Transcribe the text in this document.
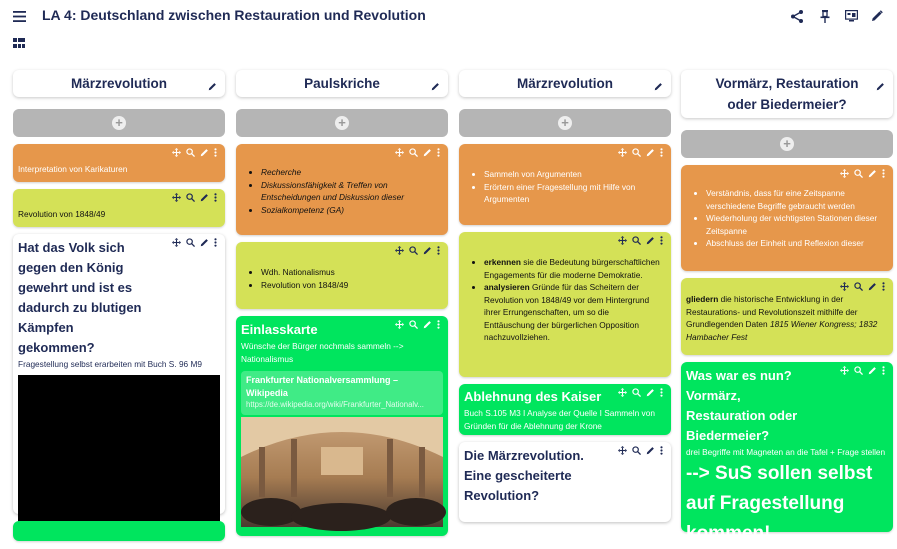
LA 4: Deutschland zwischen Restauration und Revolution
Märzrevolution
+
Interpretation von Karikaturen
Revolution von 1848/49
Hat das Volk sich gegen den König gewehrt und ist es dadurch zu blutigen Kämpfen gekommen?
Fragestellung selbst erarbeiten mit Buch S. 96 M9
Paulskriche
+
• Recherche
• Diskussionsfähigkeit & Treffen von Entscheidungen und Diskussion dieser
• Sozialkompetenz (GA)
• Wdh. Nationalismus
• Revolution von 1848/49
Einlasskarte
Wünsche der Bürger nochmals sammeln --> Nationalismus
Frankfurter Nationalversammlung – Wikipedia
https://de.wikipedia.org/wiki/Frankfurter_Nationalv...
Märzrevolution
+
• Sammeln von Argumenten
• Erörtern einer Fragestellung mit Hilfe von Argumenten
• erkennen sie die Bedeutung bürgerschaftlichen Engagements für die moderne Demokratie.
• analysieren Gründe für das Scheitern der Revolution von 1848/49 vor dem Hintergrund ihrer Errungenschaften, um so die Enttäuschung der bürgerlichen Opposition nachzuvollziehen.
Ablehnung des Kaiser
Buch S.105 M3 I Analyse der Quelle I Sammeln von Gründen für die Ablehnung der Krone
Die Märzrevolution. Eine gescheiterte Revolution?
Vormärz, Restauration oder Biedermeier?
+
• Verständnis, dass für eine Zeitspanne verschiedene Begriffe gebraucht werden
• Wiederholung der wichtigsten Stationen dieser Zeitspanne
• Abschluss der Einheit und Reflexion dieser
gliedern die historische Entwicklung in der Restaurations- und Revolutionszeit mithilfe der Grundlegenden Daten 1815 Wiener Kongress; 1832 Hambacher Fest
Was war es nun? Vormärz, Restauration oder Biedermeier?
drei Begriffe mit Magneten an die Tafel + Frage stellen
--> SuS sollen selbst auf Fragestellung kommen!
